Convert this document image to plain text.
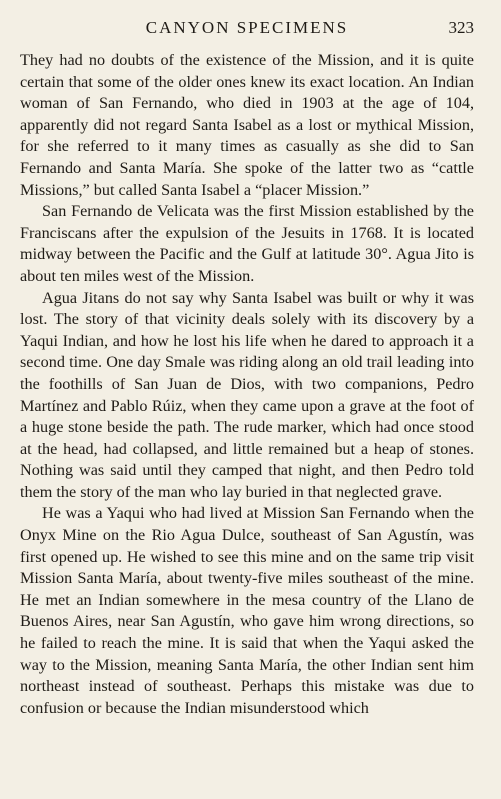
CANYON SPECIMENS	323

They had no doubts of the existence of the Mission, and it is quite certain that some of the older ones knew its exact location. An Indian woman of San Fernando, who died in 1903 at the age of 104, apparently did not regard Santa Isabel as a lost or mythical Mission, for she referred to it many times as casually as she did to San Fernando and Santa María. She spoke of the latter two as “cattle Missions,” but called Santa Isabel a “placer Mission.”

San Fernando de Velicata was the first Mission established by the Franciscans after the expulsion of the Jesuits in 1768. It is located midway between the Pacific and the Gulf at latitude 30°. Agua Jito is about ten miles west of the Mission.

Agua Jitans do not say why Santa Isabel was built or why it was lost. The story of that vicinity deals solely with its discovery by a Yaqui Indian, and how he lost his life when he dared to approach it a second time. One day Smale was riding along an old trail leading into the foothills of San Juan de Dios, with two companions, Pedro Martínez and Pablo Rúiz, when they came upon a grave at the foot of a huge stone beside the path. The rude marker, which had once stood at the head, had collapsed, and little remained but a heap of stones. Nothing was said until they camped that night, and then Pedro told them the story of the man who lay buried in that neglected grave.

He was a Yaqui who had lived at Mission San Fernando when the Onyx Mine on the Rio Agua Dulce, southeast of San Agustín, was first opened up. He wished to see this mine and on the same trip visit Mission Santa María, about twenty-five miles southeast of the mine. He met an Indian somewhere in the mesa country of the Llano de Buenos Aires, near San Agustín, who gave him wrong directions, so he failed to reach the mine. It is said that when the Yaqui asked the way to the Mission, meaning Santa María, the other Indian sent him northeast instead of southeast. Perhaps this mistake was due to confusion or because the Indian misunderstood which
